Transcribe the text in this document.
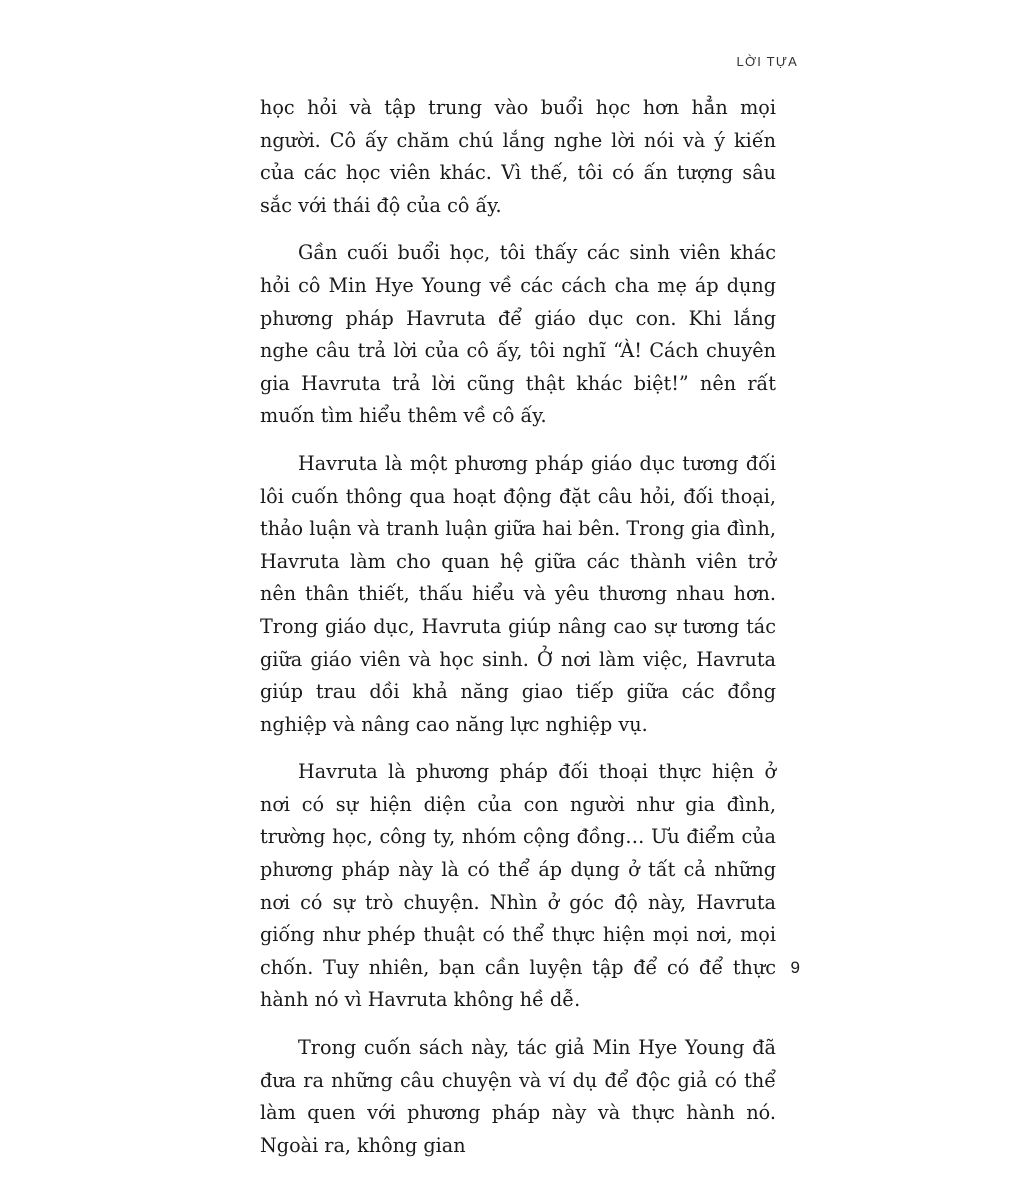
LỜI TỰA

học hỏi và tập trung vào buổi học hơn hẳn mọi người. Cô ấy chăm chú lắng nghe lời nói và ý kiến của các học viên khác. Vì thế, tôi có ấn tượng sâu sắc với thái độ của cô ấy.

Gần cuối buổi học, tôi thấy các sinh viên khác hỏi cô Min Hye Young về các cách cha mẹ áp dụng phương pháp Havruta để giáo dục con. Khi lắng nghe câu trả lời của cô ấy, tôi nghĩ “À! Cách chuyên gia Havruta trả lời cũng thật khác biệt!” nên rất muốn tìm hiểu thêm về cô ấy.

Havruta là một phương pháp giáo dục tương đối lôi cuốn thông qua hoạt động đặt câu hỏi, đối thoại, thảo luận và tranh luận giữa hai bên. Trong gia đình, Havruta làm cho quan hệ giữa các thành viên trở nên thân thiết, thấu hiểu và yêu thương nhau hơn. Trong giáo dục, Havruta giúp nâng cao sự tương tác giữa giáo viên và học sinh. Ở nơi làm việc, Havruta giúp trau dồi khả năng giao tiếp giữa các đồng nghiệp và nâng cao năng lực nghiệp vụ.

Havruta là phương pháp đối thoại thực hiện ở nơi có sự hiện diện của con người như gia đình, trường học, công ty, nhóm cộng đồng… Ưu điểm của phương pháp này là có thể áp dụng ở tất cả những nơi có sự trò chuyện. Nhìn ở góc độ này, Havruta giống như phép thuật có thể thực hiện mọi nơi, mọi chốn. Tuy nhiên, bạn cần luyện tập để có để thực hành nó vì Havruta không hề dễ.

Trong cuốn sách này, tác giả Min Hye Young đã đưa ra những câu chuyện và ví dụ để độc giả có thể làm quen với phương pháp này và thực hành nó. Ngoài ra, không gian

9
